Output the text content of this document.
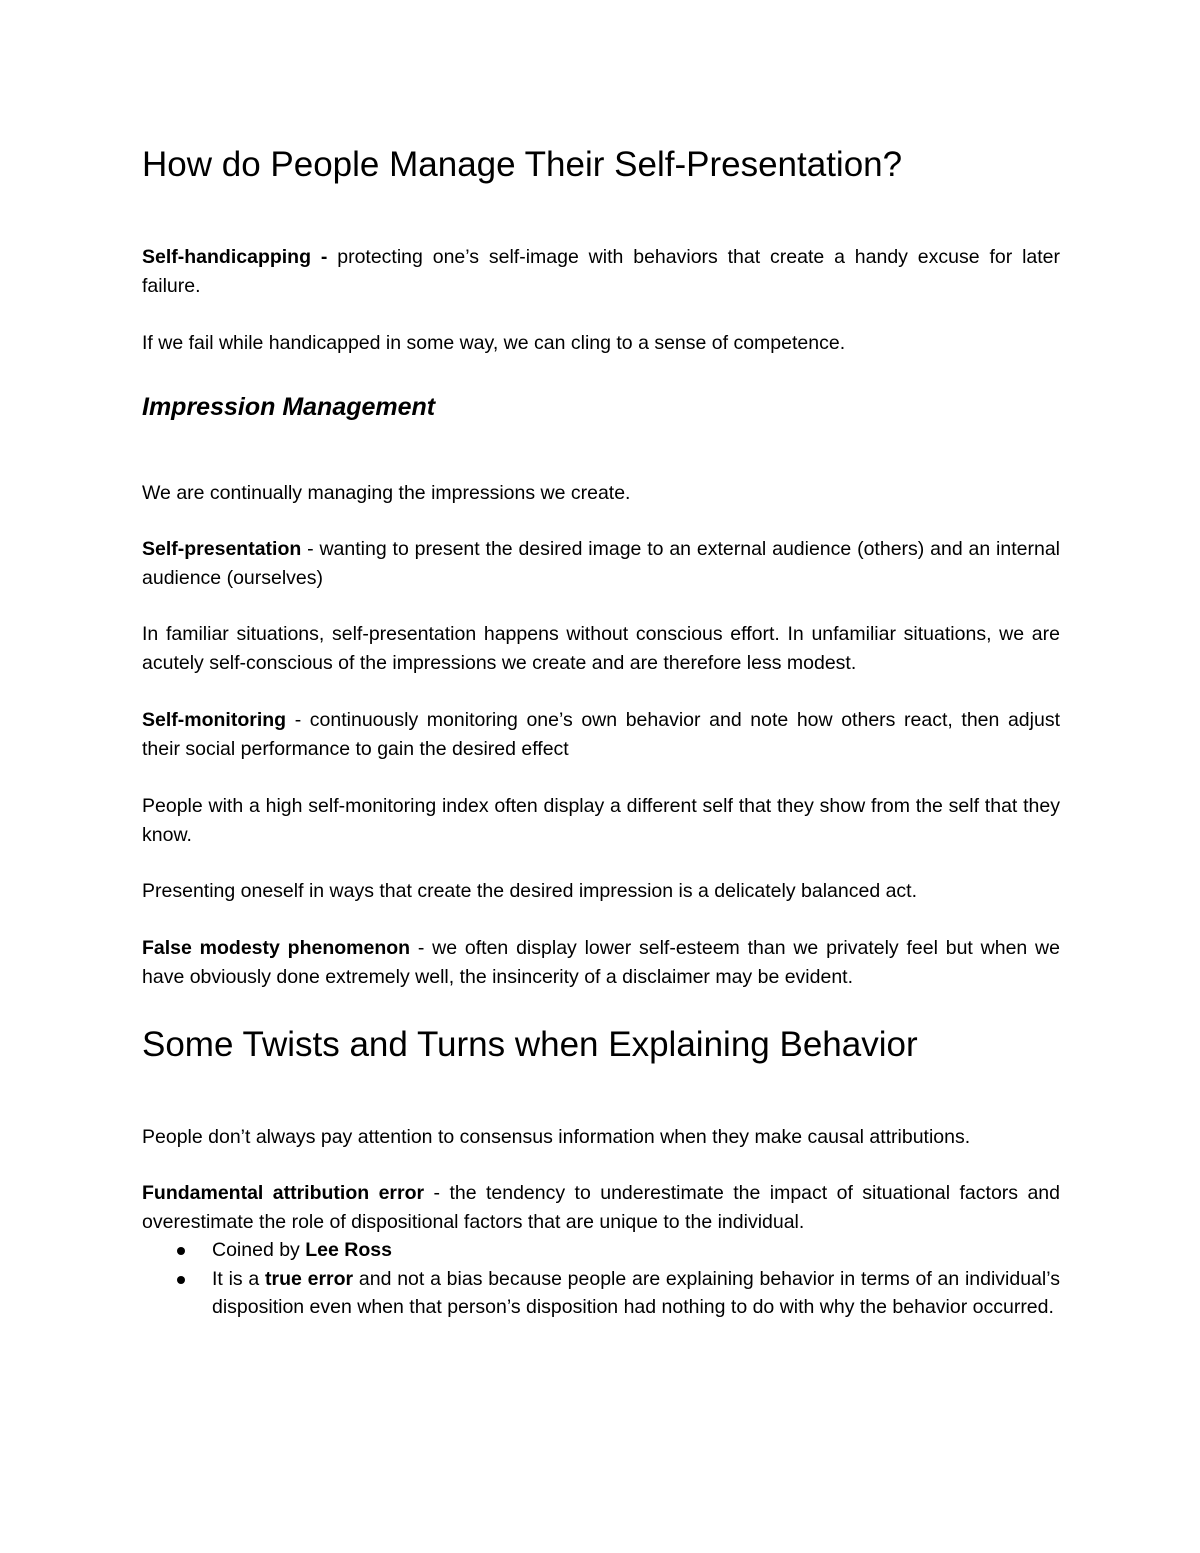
How do People Manage Their Self-Presentation?

Self-handicapping - protecting one’s self-image with behaviors that create a handy excuse for later failure.

If we fail while handicapped in some way, we can cling to a sense of competence.

Impression Management

We are continually managing the impressions we create.

Self-presentation - wanting to present the desired image to an external audience (others) and an internal audience (ourselves)

In familiar situations, self-presentation happens without conscious effort. In unfamiliar situations, we are acutely self-conscious of the impressions we create and are therefore less modest.

Self-monitoring - continuously monitoring one’s own behavior and note how others react, then adjust their social performance to gain the desired effect

People with a high self-monitoring index often display a different self that they show from the self that they know.

Presenting oneself in ways that create the desired impression is a delicately balanced act.

False modesty phenomenon - we often display lower self-esteem than we privately feel but when we have obviously done extremely well, the insincerity of a disclaimer may be evident.

Some Twists and Turns when Explaining Behavior

People don’t always pay attention to consensus information when they make causal attributions.

Fundamental attribution error - the tendency to underestimate the impact of situational factors and overestimate the role of dispositional factors that are unique to the individual.

Coined by Lee Ross
It is a true error and not a bias because people are explaining behavior in terms of an individual’s disposition even when that person’s disposition had nothing to do with why the behavior occurred.
